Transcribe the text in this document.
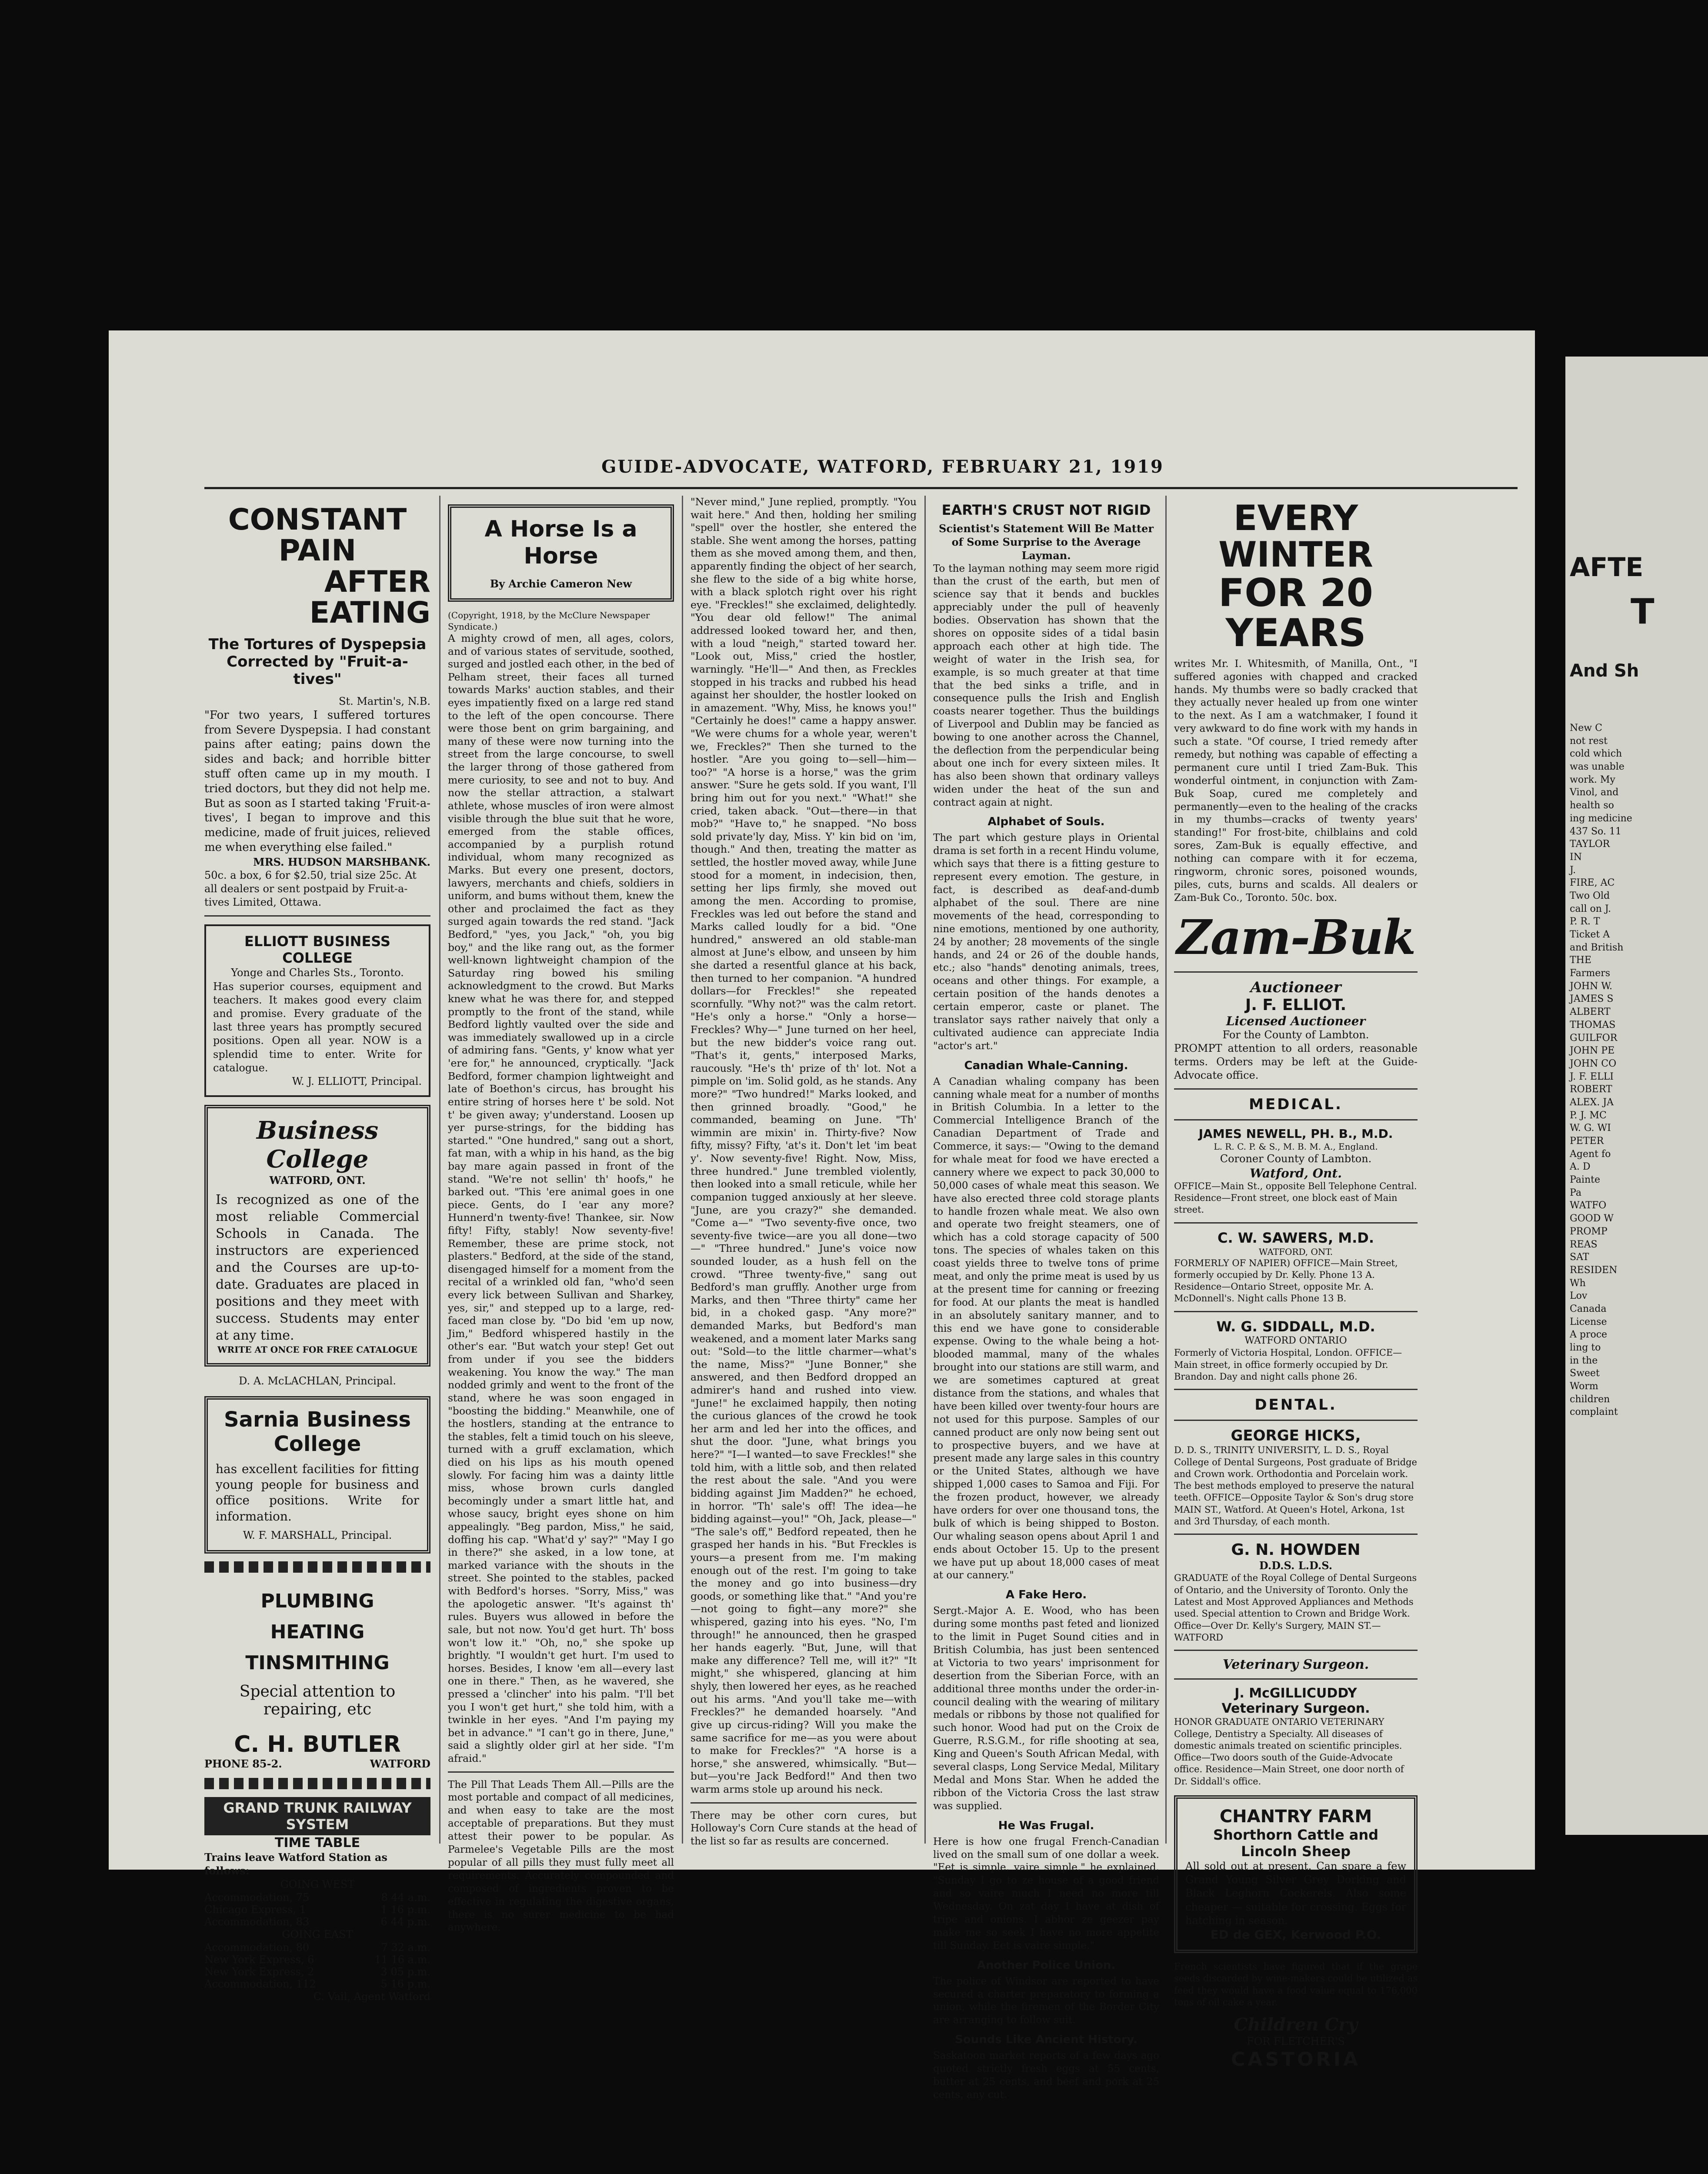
GUIDE-ADVOCATE, WATFORD, FEBRUARY 21, 1919
CONSTANT PAIN
AFTER EATING
The Tortures of Dyspepsia Corrected by "Fruit-a-tives"
St. Martin's, N.B.
"For two years, I suffered tortures from Severe Dyspepsia. I had constant pains after eating; pains down the sides and back; and horrible bitter stuff often came up in my mouth. I tried doctors, but they did not help me. But as soon as I started taking 'Fruit-a-tives', I began to improve and this medicine, made of fruit juices, relieved me when everything else failed."
MRS. HUDSON MARSHBANK.
50c. a box, 6 for $2.50, trial size 25c. At all dealers or sent postpaid by Fruit-a-tives Limited, Ottawa.
ELLIOTT BUSINESS COLLEGE
Yonge and Charles Sts., Toronto.
Has superior courses, equipment and teachers. It makes good every claim and promise. Every graduate of the last three years has promptly secured positions. Open all year. NOW is a splendid time to enter. Write for catalogue.
W. J. ELLIOTT, Principal.
Business College
WATFORD, ONT.
Is recognized as one of the most reliable Commercial Schools in Canada. The instructors are experienced and the Courses are up-to-date. Graduates are placed in positions and they meet with success. Students may enter at any time.
WRITE AT ONCE FOR FREE CATALOGUE
D. A. McLACHLAN, Principal.
Sarnia Business College
has excellent facilities for fitting young people for business and office positions. Write for information.
W. F. MARSHALL, Principal.
PLUMBING
HEATING
TINSMITHING
Special attention to repairing, etc
C. H. BUTLER
PHONE 85-2.	WATFORD
GRAND TRUNK RAILWAY SYSTEM
TIME TABLE
Trains leave Watford Station as follows:
GOING WEST
Accommodation, 75	8 44 a.m.
Chicago Express, 1	1 16 p.m.
Accommodation, 83	6 44 p.m.
GOING EAST
Accommodation, 80	7 32 a.m.
New York Express, 6	11 16 a.m.
New York Express, 2	3 05 p.m.
Accommodation, 112	5 16 p.m.
C. Vail, Agent Watford
A Horse Is a Horse
By Archie Cameron New
(Copyright, 1918, by the McClure Newspaper Syndicate.)
A mighty crowd of men, all ages, colors, and of various states of servitude, soothed, surged and jostled each other, in the bed of Pelham street, their faces all turned towards Marks' auction stables, and their eyes impatiently fixed on a large red stand to the left of the open concourse. There were those bent on grim bargaining, and many of these were now turning into the street from the large concourse, to swell the larger throng of those gathered from mere curiosity, to see and not to buy. And now the stellar attraction, a stalwart athlete, whose muscles of iron were almost visible through the blue suit that he wore, emerged from the stable offices, accompanied by a purplish rotund individual, whom many recognized as Marks. But every one present, doctors, lawyers, merchants and chiefs, soldiers in uniform, and bums without them, knew the other and proclaimed the fact as they surged again towards the red stand. "Jack Bedford," "yes, you Jack," "oh, you big boy," and the like rang out, as the former well-known lightweight champion of the Saturday ring bowed his smiling acknowledgment to the crowd. But Marks knew what he was there for, and stepped promptly to the front of the stand, while Bedford lightly vaulted over the side and was immediately swallowed up in a circle of admiring fans. "Gents, y' know what yer 'ere for," he announced, cryptically. "Jack Bedford, former champion lightweight and late of Boethon's circus, has brought his entire string of horses here t' be sold. Not t' be given away; y'understand. Loosen up yer purse-strings, for the bidding has started." "One hundred," sang out a short, fat man, with a whip in his hand, as the big bay mare again passed in front of the stand. "We're not sellin' th' hoofs," he barked out. "This 'ere animal goes in one piece. Gents, do I 'ear any more? Hunnerd'n twenty-five! Thankee, sir. Now fifty! Fifty, stably! Now seventy-five! Remember, these are prime stock, not plasters." Bedford, at the side of the stand, disengaged himself for a moment from the recital of a wrinkled old fan, "who'd seen every lick between Sullivan and Sharkey, yes, sir," and stepped up to a large, red-faced man close by. "Do bid 'em up now, Jim," Bedford whispered hastily in the other's ear. "But watch your step! Get out from under if you see the bidders weakening. You know the way." The man nodded grimly and went to the front of the stand, where he was soon engaged in "boosting the bidding." Meanwhile, one of the hostlers, standing at the entrance to the stables, felt a timid touch on his sleeve, turned with a gruff exclamation, which died on his lips as his mouth opened slowly. For facing him was a dainty little miss, whose brown curls dangled becomingly under a smart little hat, and whose saucy, bright eyes shone on him appealingly. "Beg pardon, Miss," he said, doffing his cap. "What'd y' say?" "May I go in there?" she asked, in a low tone, at marked variance with the shouts in the street. She pointed to the stables, packed with Bedford's horses. "Sorry, Miss," was the apologetic answer. "It's against th' rules. Buyers wus allowed in before the sale, but not now. You'd get hurt. Th' boss won't low it." "Oh, no," she spoke up brightly. "I wouldn't get hurt. I'm used to horses. Besides, I know 'em all—every last one in there." Then, as he wavered, she pressed a 'clincher' into his palm. "I'll bet you I won't get hurt," she told him, with a twinkle in her eyes. "And I'm paying my bet in advance." "I can't go in there, June," said a slightly older girl at her side. "I'm afraid."
The Pill That Leads Them All.—Pills are the most portable and compact of all medicines, and when easy to take are the most acceptable of preparations. But they must attest their power to be popular. As Parmelee's Vegetable Pills are the most popular of all pills they must fully meet all requirements. Accurately compounded and composed of ingredients proven to be effective in regulating the digestive organs, there is no surer medicine to be had anywhere.
"Never mind," June replied, promptly. "You wait here." And then, holding her smiling "spell" over the hostler, she entered the stable. She went among the horses, patting them as she moved among them, and then, apparently finding the object of her search, she flew to the side of a big white horse, with a black splotch right over his right eye. "Freckles!" she exclaimed, delightedly. "You dear old fellow!" The animal addressed looked toward her, and then, with a loud "neigh," started toward her. "Look out, Miss," cried the hostler, warningly. "He'll—" And then, as Freckles stopped in his tracks and rubbed his head against her shoulder, the hostler looked on in amazement. "Why, Miss, he knows you!" "Certainly he does!" came a happy answer. "We were chums for a whole year, weren't we, Freckles?" Then she turned to the hostler. "Are you going to—sell—him—too?" "A horse is a horse," was the grim answer. "Sure he gets sold. If you want, I'll bring him out for you next." "What!" she cried, taken aback. "Out—there—in that mob?" "Have to," he snapped. "No boss sold private'ly day, Miss. Y' kin bid on 'im, though." And then, treating the matter as settled, the hostler moved away, while June stood for a moment, in indecision, then, setting her lips firmly, she moved out among the men. According to promise, Freckles was led out before the stand and Marks called loudly for a bid. "One hundred," answered an old stable-man almost at June's elbow, and unseen by him she darted a resentful glance at his back, then turned to her companion. "A hundred dollars—for Freckles!" she repeated scornfully. "Why not?" was the calm retort. "He's only a horse." "Only a horse—Freckles? Why—" June turned on her heel, but the new bidder's voice rang out. "That's it, gents," interposed Marks, raucously. "He's th' prize of th' lot. Not a pimple on 'im. Solid gold, as he stands. Any more?" "Two hundred!" Marks looked, and then grinned broadly. "Good," he commanded, beaming on June. "Th' wimmin are mixin' in. Thirty-five? Now fifty, missy? Fifty, 'at's it. Don't let 'im beat y'. Now seventy-five! Right. Now, Miss, three hundred." June trembled violently, then looked into a small reticule, while her companion tugged anxiously at her sleeve. "June, are you crazy?" she demanded. "Come a—" "Two seventy-five once, two seventy-five twice—are you all done—two—" "Three hundred." June's voice now sounded louder, as a hush fell on the crowd. "Three twenty-five," sang out Bedford's man gruffly. Another urge from Marks, and then "Three thirty" came her bid, in a choked gasp. "Any more?" demanded Marks, but Bedford's man weakened, and a moment later Marks sang out: "Sold—to the little charmer—what's the name, Miss?" "June Bonner," she answered, and then Bedford dropped an admirer's hand and rushed into view. "June!" he exclaimed happily, then noting the curious glances of the crowd he took her arm and led her into the offices, and shut the door. "June, what brings you here?" "I—I wanted—to save Freckles!" she told him, with a little sob, and then related the rest about the sale. "And you were bidding against Jim Madden?" he echoed, in horror. "Th' sale's off! The idea—he bidding against—you!" "Oh, Jack, please—" "The sale's off," Bedford repeated, then he grasped her hands in his. "But Freckles is yours—a present from me. I'm making enough out of the rest. I'm going to take the money and go into business—dry goods, or something like that." "And you're—not going to fight—any more?" she whispered, gazing into his eyes. "No, I'm through!" he announced, then he grasped her hands eagerly. "But, June, will that make any difference? Tell me, will it?" "It might," she whispered, glancing at him shyly, then lowered her eyes, as he reached out his arms. "And you'll take me—with Freckles?" he demanded hoarsely. "And give up circus-riding? Will you make the same sacrifice for me—as you were about to make for Freckles?" "A horse is a horse," she answered, whimsically. "But—but—you're Jack Bedford!" And then two warm arms stole up around his neck.
There may be other corn cures, but Holloway's Corn Cure stands at the head of the list so far as results are concerned.
EARTH'S CRUST NOT RIGID
Scientist's Statement Will Be Matter of Some Surprise to the Average Layman.
To the layman nothing may seem more rigid than the crust of the earth, but men of science say that it bends and buckles appreciably under the pull of heavenly bodies. Observation has shown that the shores on opposite sides of a tidal basin approach each other at high tide. The weight of water in the Irish sea, for example, is so much greater at that time that the bed sinks a trifle, and in consequence pulls the Irish and English coasts nearer together. Thus the buildings of Liverpool and Dublin may be fancied as bowing to one another across the Channel, the deflection from the perpendicular being about one inch for every sixteen miles. It has also been shown that ordinary valleys widen under the heat of the sun and contract again at night.
Alphabet of Souls.
The part which gesture plays in Oriental drama is set forth in a recent Hindu volume, which says that there is a fitting gesture to represent every emotion. The gesture, in fact, is described as deaf-and-dumb alphabet of the soul. There are nine movements of the head, corresponding to nine emotions, mentioned by one authority, 24 by another; 28 movements of the single hands, and 24 or 26 of the double hands, etc.; also "hands" denoting animals, trees, oceans and other things. For example, a certain position of the hands denotes a certain emperor, caste or planet. The translator says rather naively that only a cultivated audience can appreciate India "actor's art."
Canadian Whale-Canning.
A Canadian whaling company has been canning whale meat for a number of months in British Columbia. In a letter to the Commercial Intelligence Branch of the Canadian Department of Trade and Commerce, it says:— "Owing to the demand for whale meat for food we have erected a cannery where we expect to pack 30,000 to 50,000 cases of whale meat this season. We have also erected three cold storage plants to handle frozen whale meat. We also own and operate two freight steamers, one of which has a cold storage capacity of 500 tons. The species of whales taken on this coast yields three to twelve tons of prime meat, and only the prime meat is used by us at the present time for canning or freezing for food. At our plants the meat is handled in an absolutely sanitary manner, and to this end we have gone to considerable expense. Owing to the whale being a hot-blooded mammal, many of the whales brought into our stations are still warm, and we are sometimes captured at great distance from the stations, and whales that have been killed over twenty-four hours are not used for this purpose. Samples of our canned product are only now being sent out to prospective buyers, and we have at present made any large sales in this country or the United States, although we have shipped 1,000 cases to Samoa and Fiji. For the frozen product, however, we already have orders for over one thousand tons, the bulk of which is being shipped to Boston. Our whaling season opens about April 1 and ends about October 15. Up to the present we have put up about 18,000 cases of meat at our cannery."
A Fake Hero.
Sergt.-Major A. E. Wood, who has been during some months past feted and lionized to the limit in Puget Sound cities and in British Columbia, has just been sentenced at Victoria to two years' imprisonment for desertion from the Siberian Force, with an additional three months under the order-in-council dealing with the wearing of military medals or ribbons by those not qualified for such honor. Wood had put on the Croix de Guerre, R.S.G.M., for rifle shooting at sea, King and Queen's South African Medal, with several clasps, Long Service Medal, Military Medal and Mons Star. When he added the ribbon of the Victoria Cross the last straw was supplied.
He Was Frugal.
Here is how one frugal French-Canadian lived on the small sum of one dollar a week. "Eet is simple, vaire simple," he explained. "Sunday I go to ze house of a good friend and so vaire much I need no more till Wednesday. On zat day I have at dish of tripe and onions. I abhor ze geezer pay make me so seek I have no more appetite till Sunday. Eet is vaire simple."
Another Police Union.
The police of Windsor are reported to have secured a charter preparatory to forming a union, while the firemen of the Border City are arranging to follow suit.
Sounds Like Ancient History.
Saskatoon market reports of a few days ago quoted strictly fresh eggs at 55 cents, butter at 25 cents, and beef and pork at 25 cents, any cut.
EVERY WINTER
FOR 20 YEARS
writes Mr. I. Whitesmith, of Manilla, Ont., "I suffered agonies with chapped and cracked hands. My thumbs were so badly cracked that they actually never healed up from one winter to the next. As I am a watchmaker, I found it very awkward to do fine work with my hands in such a state. "Of course, I tried remedy after remedy, but nothing was capable of effecting a permanent cure until I tried Zam-Buk. This wonderful ointment, in conjunction with Zam-Buk Soap, cured me completely and permanently—even to the healing of the cracks in my thumbs—cracks of twenty years' standing!" For frost-bite, chilblains and cold sores, Zam-Buk is equally effective, and nothing can compare with it for eczema, ringworm, chronic sores, poisoned wounds, piles, cuts, burns and scalds. All dealers or Zam-Buk Co., Toronto. 50c. box.
Zam-Buk
Auctioneer
J. F. ELLIOT.
Licensed Auctioneer
For the County of Lambton.
PROMPT attention to all orders, reasonable terms. Orders may be left at the Guide-Advocate office.
MEDICAL.
JAMES NEWELL, PH. B., M.D.
L. R. C. P. & S., M. B. M. A., England.
Coroner County of Lambton.
Watford, Ont.
OFFICE—Main St., opposite Bell Telephone Central. Residence—Front street, one block east of Main street.
C. W. SAWERS, M.D.
WATFORD, ONT.
FORMERLY OF NAPIER) OFFICE—Main Street, formerly occupied by Dr. Kelly. Phone 13 A. Residence—Ontario Street, opposite Mr. A. McDonnell's. Night calls Phone 13 B.
W. G. SIDDALL, M.D.
WATFORD ONTARIO
Formerly of Victoria Hospital, London. OFFICE—Main street, in office formerly occupied by Dr. Brandon. Day and night calls phone 26.
DENTAL.
GEORGE HICKS,
D. D. S., TRINITY UNIVERSITY, L. D. S., Royal College of Dental Surgeons, Post graduate of Bridge and Crown work. Orthodontia and Porcelain work. The best methods employed to preserve the natural teeth. OFFICE—Opposite Taylor & Son's drug store MAIN ST., Watford. At Queen's Hotel, Arkona, 1st and 3rd Thursday, of each month.
G. N. HOWDEN
D.D.S. L.D.S.
GRADUATE of the Royal College of Dental Surgeons of Ontario, and the University of Toronto. Only the Latest and Most Approved Appliances and Methods used. Special attention to Crown and Bridge Work. Office—Over Dr. Kelly's Surgery, MAIN ST.—WATFORD
Veterinary Surgeon.
J. McGILLICUDDY
Veterinary Surgeon.
HONOR GRADUATE ONTARIO VETERINARY College, Dentistry a Specialty. All diseases of domestic animals treated on scientific principles. Office—Two doors south of the Guide-Advocate office. Residence—Main Street, one door north of Dr. Siddall's office.
CHANTRY FARM
Shorthorn Cattle and Lincoln Sheep
All sold out at present. Can spare a few Grand Young Silver Grey Dorking and Black Leghorn Cockerels. Also some cheaper — suitable for crossing. Eggs for hatching in season.
ED de GEX, Kerwood P.O.
French scientists have figured that if the grape seeds discarded by wine-makers could be utilized as feed they would have a food value equal to 176,000 tons of oil cake a year.
Children Cry
FOR FLETCHER'S
CASTORIA
AFTE
T
And Sh
New C
not rest
cold which
was unable
work. My
Vinol, and
health so
ing medicine
437 So. 11
TAYLOR
IN
J.
FIRE, AC
Two Old
call on J.
P. R. T
Ticket A
and British
THE
Farmers
JOHN W.
JAMES S
ALBERT
THOMAS
GUILFOR
JOHN PE
JOHN CO
J. F. ELLI
ROBERT
ALEX. JA
P. J. MC
W. G. WI
PETER
Agent fo
A. D
Painte
Pa
WATFO
GOOD W
PROMP
REAS
SAT
RESIDEN
Wh
Lov
Canada
License
A proce
ling to
in the
Sweet
Worm
children
complaint
